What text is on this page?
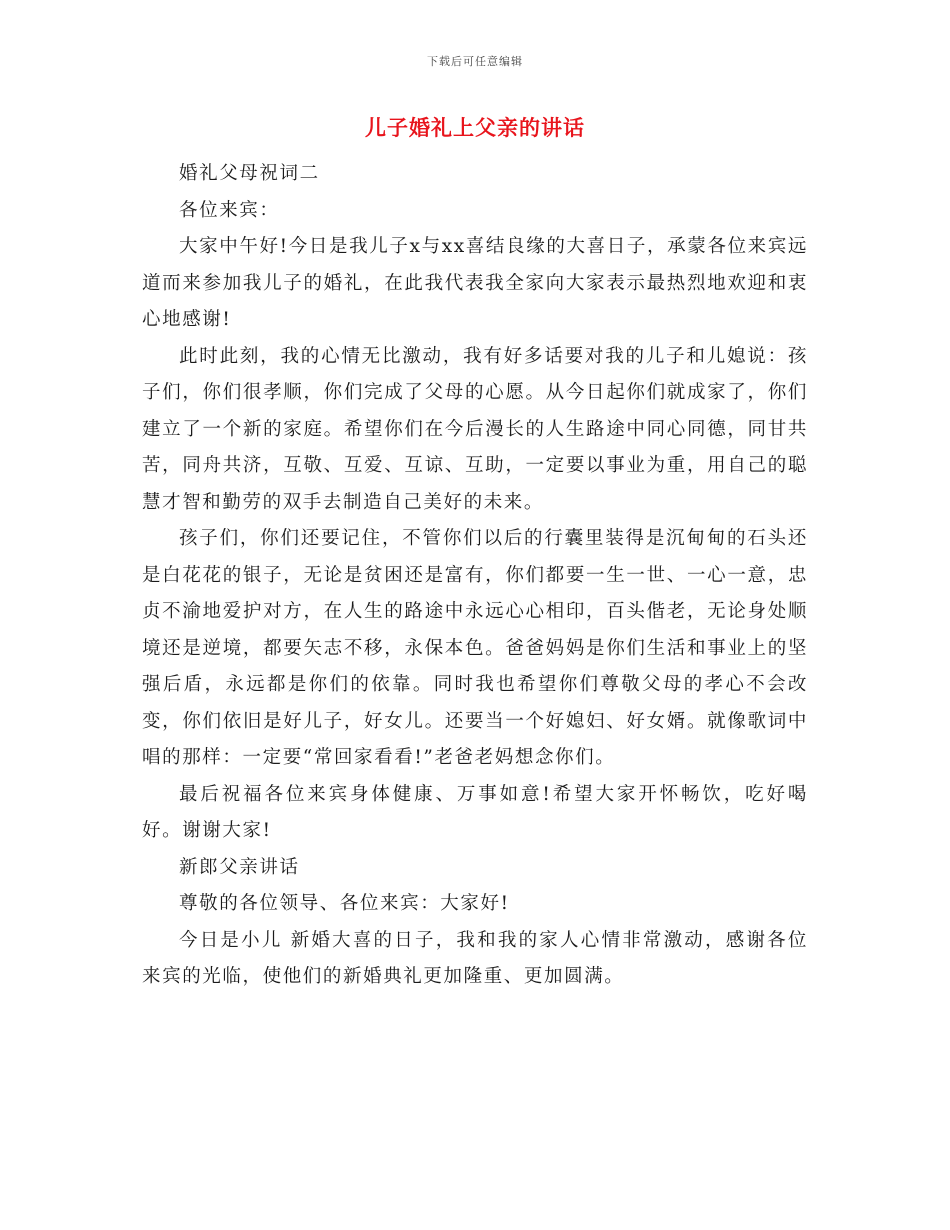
下载后可任意编辑
儿子婚礼上父亲的讲话

婚礼父母祝词二

各位来宾：

大家中午好!今日是我儿子x与xx喜结良缘的大喜日子，承蒙各位来宾远道而来参加我儿子的婚礼，在此我代表我全家向大家表示最热烈地欢迎和衷心地感谢!

此时此刻，我的心情无比激动，我有好多话要对我的儿子和儿媳说：孩子们，你们很孝顺，你们完成了父母的心愿。从今日起你们就成家了，你们建立了一个新的家庭。希望你们在今后漫长的人生路途中同心同德，同甘共苦，同舟共济，互敬、互爱、互谅、互助，一定要以事业为重，用自己的聪慧才智和勤劳的双手去制造自己美好的未来。

孩子们，你们还要记住，不管你们以后的行囊里装得是沉甸甸的石头还是白花花的银子，无论是贫困还是富有，你们都要一生一世、一心一意，忠贞不渝地爱护对方，在人生的路途中永远心心相印，百头偕老，无论身处顺境还是逆境，都要矢志不移，永保本色。爸爸妈妈是你们生活和事业上的坚强后盾，永远都是你们的依靠。同时我也希望你们尊敬父母的孝心不会改变，你们依旧是好儿子，好女儿。还要当一个好媳妇、好女婿。就像歌词中唱的那样：一定要“常回家看看!”老爸老妈想念你们。

最后祝福各位来宾身体健康、万事如意!希望大家开怀畅饮，吃好喝好。谢谢大家!

新郎父亲讲话

尊敬的各位领导、各位来宾：大家好!

今日是小儿 新婚大喜的日子，我和我的家人心情非常激动，感谢各位来宾的光临，使他们的新婚典礼更加隆重、更加圆满。
